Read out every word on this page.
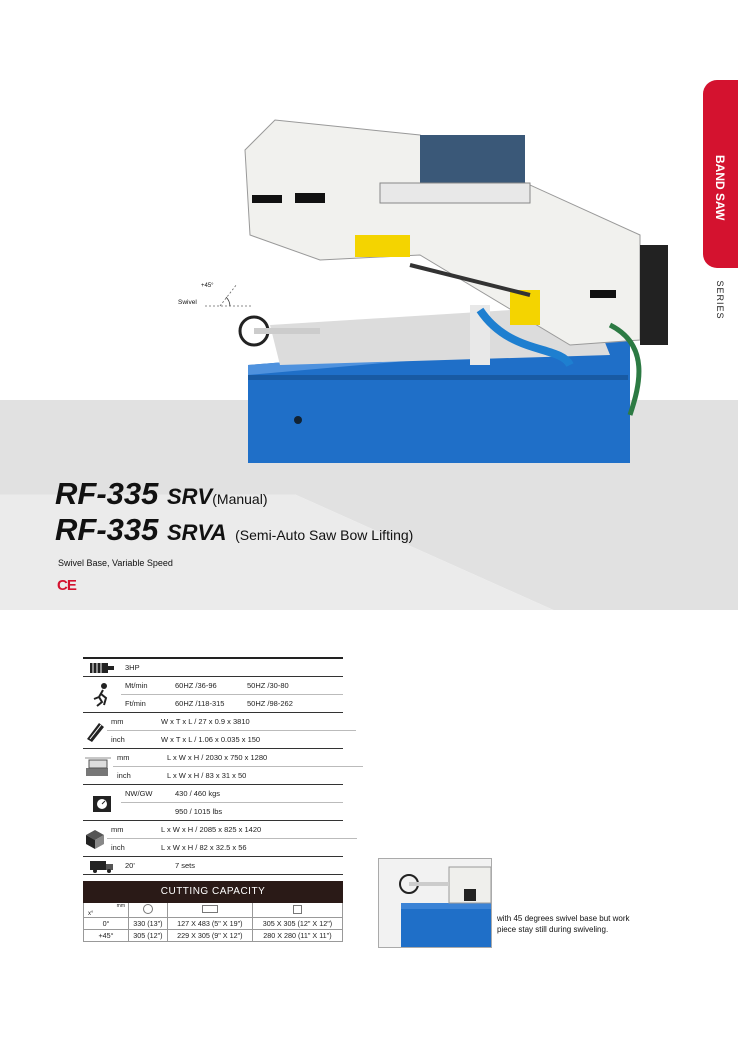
BAND SAW
SERIES
+45°
Swivel
RF-335 SRV(Manual)
RF-335 SRVA (Semi-Auto Saw Bow Lifting)
Swivel Base, Variable Speed
CE
3HP
Mt/min	60HZ /36-96	50HZ /30-80
Ft/min	60HZ /118-315	50HZ /98-262
mm	W x T x L / 27 x 0.9 x 3810
inch	W x T x L / 1.06 x 0.035 x 150
mm	L x W x H / 2030 x 750 x 1280
inch	L x W x H / 83 x 31 x 50
NW/GW	430 / 460 kgs
950 / 1015 lbs
mm	L x W x H / 2085 x 825 x 1420
inch	L x W x H / 82 x 32.5 x 56
20'	7 sets
CUTTING CAPACITY
mm
x°			

0°	330 (13")	127 X 483 (5" X 19")	305 X 305 (12" X 12")
+45°	305 (12")	229 X 305 (9" X 12")	280 X 280 (11" X 11")
with 45 degrees swivel base but work piece stay still during swiveling.
